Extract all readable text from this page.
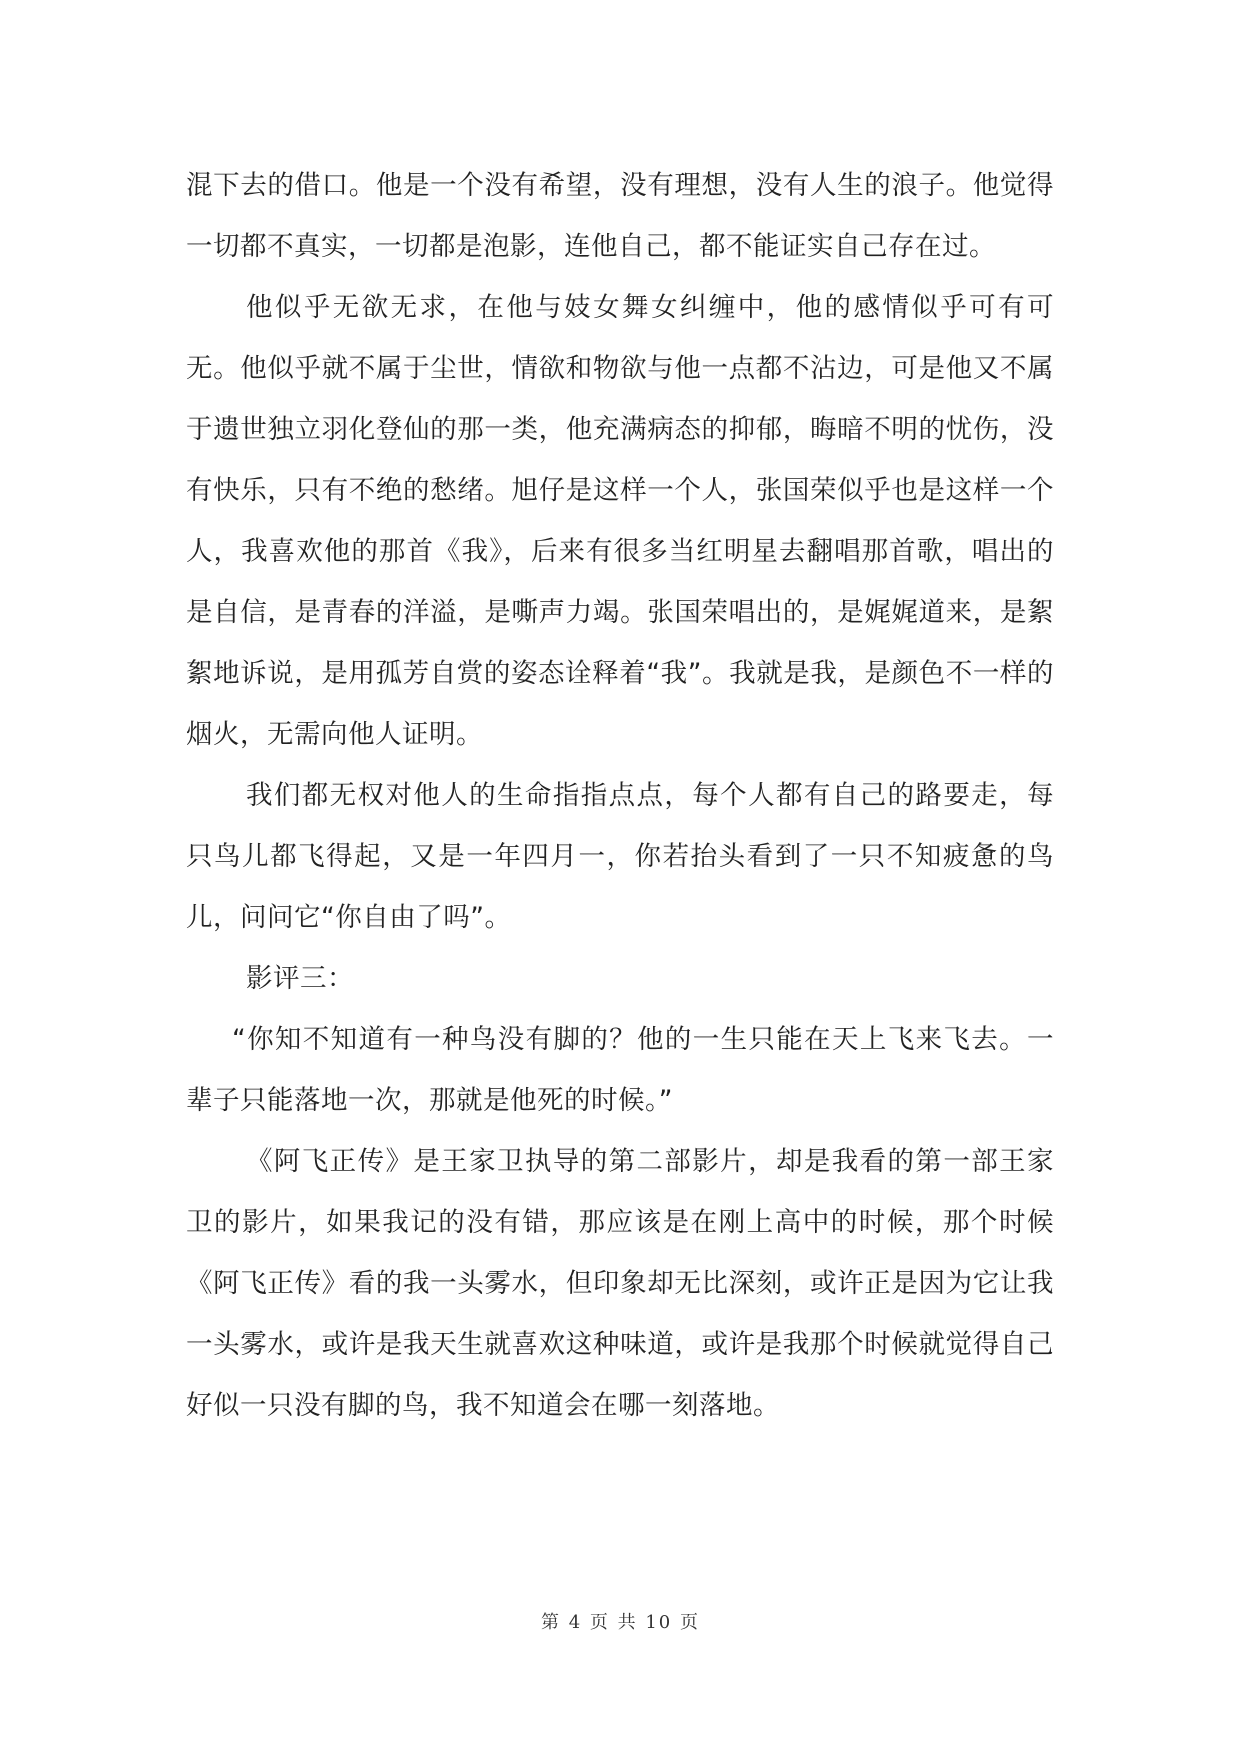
混下去的借口。他是一个没有希望，没有理想，没有人生的浪子。他觉得一切都不真实，一切都是泡影，连他自己，都不能证实自己存在过。

他似乎无欲无求，在他与妓女舞女纠缠中，他的感情似乎可有可无。他似乎就不属于尘世，情欲和物欲与他一点都不沾边，可是他又不属于遗世独立羽化登仙的那一类，他充满病态的抑郁，晦暗不明的忧伤，没有快乐，只有不绝的愁绪。旭仔是这样一个人，张国荣似乎也是这样一个人，我喜欢他的那首《我》，后来有很多当红明星去翻唱那首歌，唱出的是自信，是青春的洋溢，是嘶声力竭。张国荣唱出的，是娓娓道来，是絮絮地诉说，是用孤芳自赏的姿态诠释着“我”。我就是我，是颜色不一样的烟火，无需向他人证明。

我们都无权对他人的生命指指点点，每个人都有自己的路要走，每只鸟儿都飞得起，又是一年四月一，你若抬头看到了一只不知疲惫的鸟儿，问问它“你自由了吗”。

影评三：

“你知不知道有一种鸟没有脚的？他的一生只能在天上飞来飞去。一辈子只能落地一次，那就是他死的时候。”

《阿飞正传》是王家卫执导的第二部影片，却是我看的第一部王家卫的影片，如果我记的没有错，那应该是在刚上高中的时候，那个时候《阿飞正传》看的我一头雾水，但印象却无比深刻，或许正是因为它让我一头雾水，或许是我天生就喜欢这种味道，或许是我那个时候就觉得自己好似一只没有脚的鸟，我不知道会在哪一刻落地。

第 4 页 共 10 页
